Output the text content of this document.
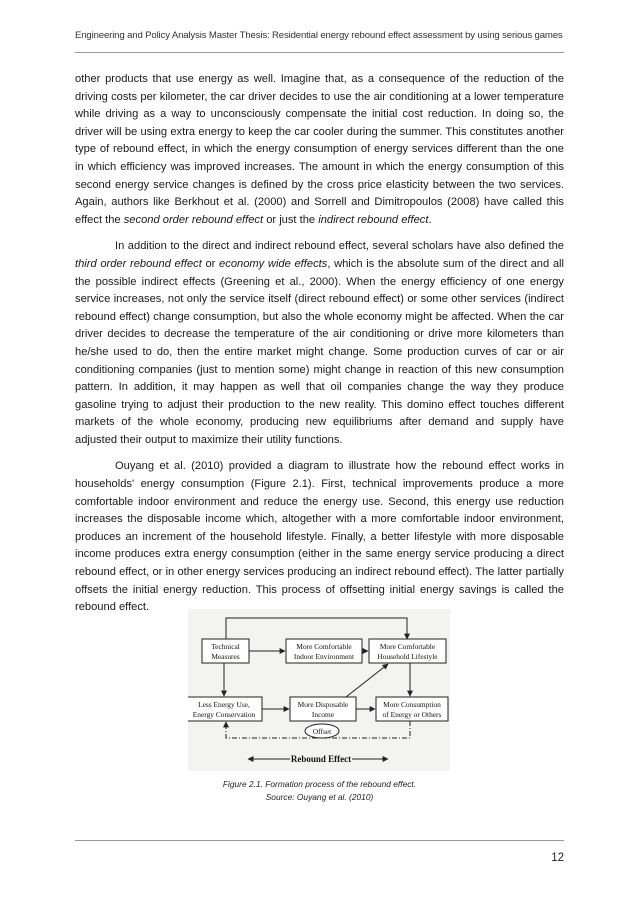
Engineering and Policy Analysis Master Thesis: Residential energy rebound effect assessment by using serious games

other products that use energy as well. Imagine that, as a consequence of the reduction of the driving costs per kilometer, the car driver decides to use the air conditioning at a lower temperature while driving as a way to unconsciously compensate the initial cost reduction. In doing so, the driver will be using extra energy to keep the car cooler during the summer. This constitutes another type of rebound effect, in which the energy consumption of energy services different than the one in which efficiency was improved increases. The amount in which the energy consumption of this second energy service changes is defined by the cross price elasticity between the two services. Again, authors like Berkhout et al. (2000) and Sorrell and Dimitropoulos (2008) have called this effect the second order rebound effect or just the indirect rebound effect.

In addition to the direct and indirect rebound effect, several scholars have also defined the third order rebound effect or economy wide effects, which is the absolute sum of the direct and all the possible indirect effects (Greening et al., 2000). When the energy efficiency of one energy service increases, not only the service itself (direct rebound effect) or some other services (indirect rebound effect) change consumption, but also the whole economy might be affected. When the car driver decides to decrease the temperature of the air conditioning or drive more kilometers than he/she used to do, then the entire market might change. Some production curves of car or air conditioning companies (just to mention some) might change in reaction of this new consumption pattern. In addition, it may happen as well that oil companies change the way they produce gasoline trying to adjust their production to the new reality. This domino effect touches different markets of the whole economy, producing new equilibriums after demand and supply have adjusted their output to maximize their utility functions.

Ouyang et al. (2010) provided a diagram to illustrate how the rebound effect works in households' energy consumption (Figure 2.1). First, technical improvements produce a more comfortable indoor environment and reduce the energy use. Second, this energy use reduction increases the disposable income which, altogether with a more comfortable indoor environment, produces an increment of the household lifestyle. Finally, a better lifestyle with more disposable income produces extra energy consumption (either in the same energy service producing a direct rebound effect, or in other energy services producing an indirect rebound effect). The latter partially offsets the initial energy reduction. This process of offsetting initial energy savings is called the rebound effect.

Technical
Measures
More Comfortable
Indoor Environment
More Comfortable
Household Lifestyle
Less Energy Use,
Energy Conservation
More Disposable
Income
More Consumption
of Energy or Others
Offset
Rebound Effect
Figure 2.1. Formation process of the rebound effect.
Source: Ouyang et al. (2010)
12
